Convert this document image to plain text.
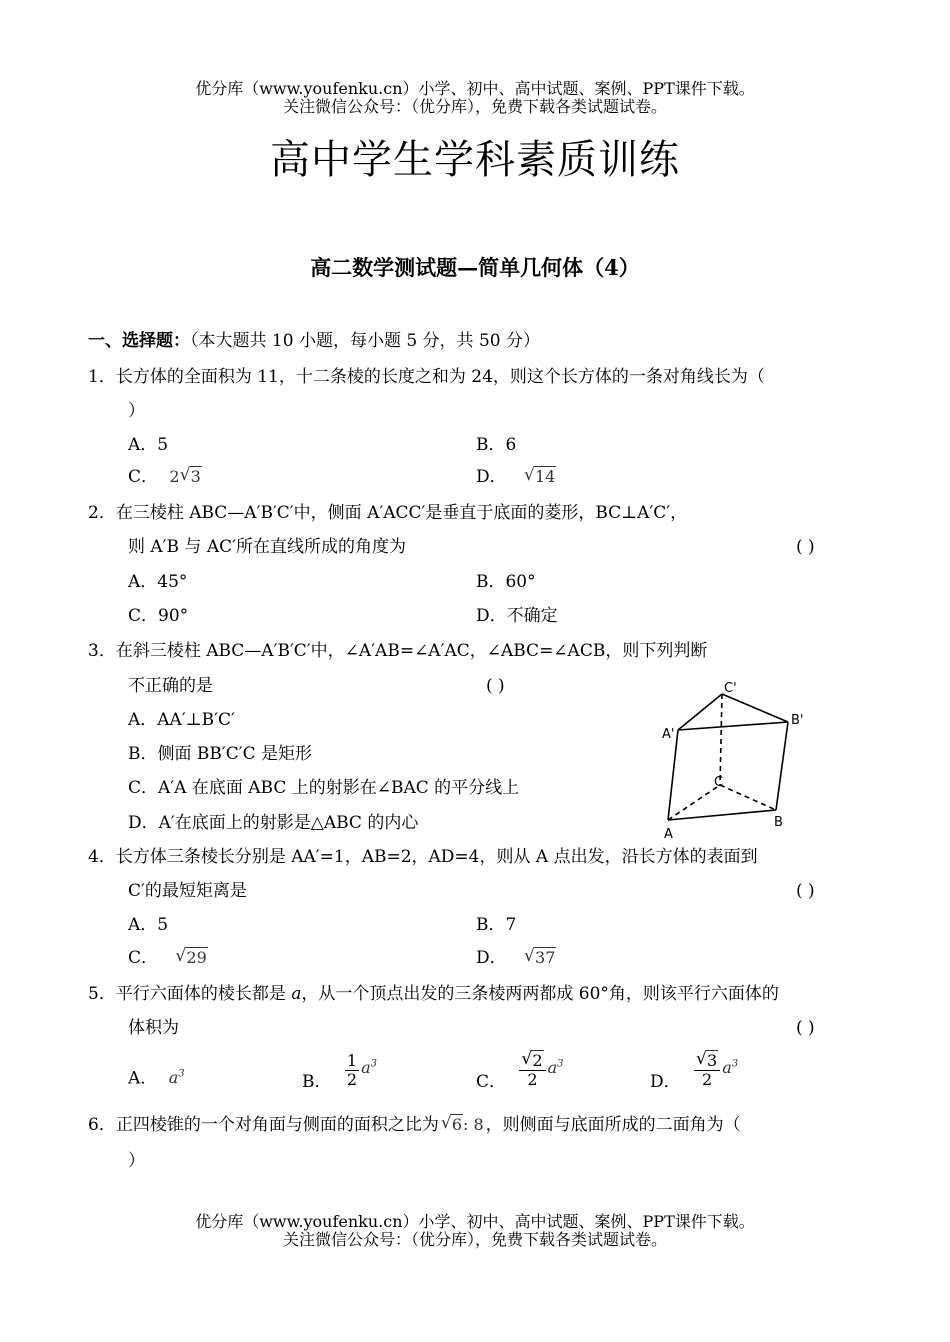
优分库（www.youfenku.cn）小学、初中、高中试题、案例、PPT课件下载。
关注微信公众号：（优分库），免费下载各类试题试卷。
高中学生学科素质训练
高二数学测试题—简单几何体（4）
一、选择题：（本大题共 10 小题，每小题 5 分，共 50 分）
1．长方体的全面积为 11，十二条棱的长度之和为 24，则这个长方体的一条对角线长为（
）
A．5	B．6
C． 2 √ 3	D． √ 14
2．在三棱柱 ABC—A′B′C′中，侧面 A′ACC′是垂直于底面的菱形，BC⊥A′C′，
则 A′B 与 AC′所在直线所成的角度为	( )
A．45°	B．60°
C．90°	D．不确定
3．在斜三棱柱 ABC—A′B′C′中，∠A′AB=∠A′AC，∠ABC=∠ACB，则下列判断
不正确的是	( )
A．AA′⊥B′C′
B．侧面 BB′C′C 是矩形
C．A′A 在底面 ABC 上的射影在∠BAC 的平分线上
D．A′在底面上的射影是△ABC 的内心
C'
A'
B'
C
A
B
4．长方体三条棱长分别是 AA′=1，AB=2，AD=4，则从 A 点出发，沿长方体的表面到
C′的最短矩离是	( )
A．5	B．7
C． √ 29	D． √ 37
5．平行六面体的棱长都是 a，从一个顶点出发的三条棱两两都成 60°角，则该平行六面体的
体积为	( )
A． $a^3$	B． $\frac{1}{2} a^3$
C． $\frac{√ 2}{2} a^3$
D． $\frac{√ 3}{2} a^3$
6．正四棱锥的一个对角面与侧面的面积之比为 √ 6: 8 ，则侧面与底面所成的二面角为（
）
优分库（www.youfenku.cn）小学、初中、高中试题、案例、PPT课件下载。
关注微信公众号：（优分库），免费下载各类试题试卷。
